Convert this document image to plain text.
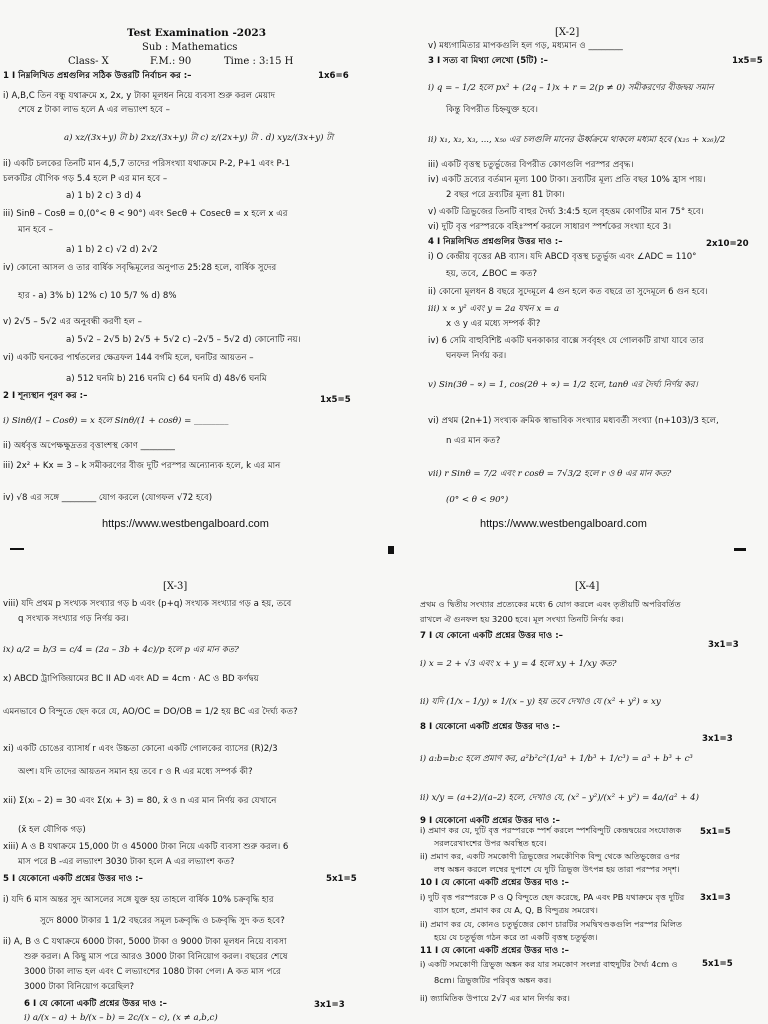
Test Examination -2023
Sub : Mathematics
Class- X	F.M.: 90	Time : 3:15 H
1 I নিম্নলিখিত প্রশ্নগুলির সঠিক উত্তরটি নির্বাচন কর :–	1x6=6
i) A,B,C তিন বন্ধু যথাক্রমে x, 2x, y টাকা মূলধন নিয়ে ব্যবসা শুরু করল মেয়াদ
শেষে z টাকা লাভ হলে A এর লভ্যাংশ হবে –
a) xz/(3x+y) টা b) 2xz/(3x+y) টা c) z/(2x+y) টা . d) xyz/(3x+y) টা
ii) একটি চলকের তিনটি মান 4,5,7 তাদের পরিসংখ্যা যথাক্রমে P-2, P+1 এবং P-1
চলকটির যৌগিক গড় 5.4 হলে P এর মান হবে –
a) 1 b) 2 c) 3 d) 4
iii) Sinθ – Cosθ = 0,(0°< θ < 90°) এবং Secθ + Cosecθ = x হলে x এর
মান হবে –
a) 1 b) 2 c) √2 d) 2√2
iv) কোনো আসল ও তার বার্ষিক সবৃদ্ধিমূলের অনুপাত 25:28 হলে, বার্ষিক সুদের
হার - a) 3% b) 12% c) 10 5/7 % d) 8%
v) 2√5 – 5√2 এর অনুবন্ধী করণী হল –
a) 5√2 – 2√5 b) 2√5 + 5√2 c) –2√5 – 5√2 d) কোনোটি নয়।
vi) একটি ঘনকের পার্শ্বতলের ক্ষেত্রফল 144 বর্গমি হলে, ঘনটির আয়তন –
a) 512 ঘনমি b) 216 ঘনমি c) 64 ঘনমি d) 48√6 ঘনমি
2 I শূন্যস্থান পূরণ কর :–	1x5=5
i) Sinθ/(1 – Cosθ) = x হলে Sinθ/(1 + cosθ) = ________
ii) অর্ধবৃত্ত অপেক্ষক্ষুদ্রতর বৃত্তাংশস্থ কোণ ________
iii) 2x² + Kx = 3 – k সমীকরণের বীজ দুটি পরস্পর অন্যোন্যক হলে, k এর মান
iv) √8 এর সঙ্গে ________ যোগ করলে (যোগফল √72 হবে)
https://www.westbengalboard.com
[X-2]
v) মধ্যগামিতার মাপকগুলি হল গড়, মধ্যমান ও ________
3 I সত্য বা মিথ্যা লেখো (5টি) :–	1x5=5
i) q = – 1/2 হলে px² + (2q – 1)x + r = 2(p ≠ 0) সমীকরণের বীজদ্বয় সমান
কিন্তু বিপরীত চিহ্নযুক্ত হবে।
ii) x₁, x₂, x₃, ..., x₅₀ এর চলগুলি মানের ঊর্ধ্বক্রমে থাকলে মধ্যমা হবে (x₂₅ + x₂₆)/2
iii) একটি বৃত্তস্থ চতুর্ভুজের বিপরীত কোণগুলি পরস্পর প্রবৃদ্ধ।
iv) একটি দ্রব্যের বর্তমান মূল্য 100 টাকা। দ্রব্যটির মূল্য প্রতি বছর 10% হ্রাস পায়।
2 বছর পরে দ্রব্যটির মূল্য 81 টাকা।
v) একটি ত্রিভুজের তিনটি বাহুর দৈর্ঘ্য 3:4:5 হলে বৃহত্তম কোণটির মান 75° হবে।
vi) দুটি বৃত্ত পরস্পরকে বহিঃস্পর্শ করলে সাধারণ স্পর্শকের সংখ্যা হবে 3।
4 I নিম্নলিখিত প্রশ্নগুলির উত্তর দাও :–	2x10=20
i) O কেন্দ্রীয় বৃত্তের AB ব্যাস। যদি ABCD বৃত্তস্থ চতুর্ভুজ এবং ∠ADC = 110°
হয়, তবে, ∠BOC = কত?
ii) কোনো মূলধন 8 বছরে সুদেমূলে 4 গুন হলে কত বছরে তা সুদেমূলে 6 গুন হবে।
iii) x ∝ y² এবং y = 2a যখন x = a
x ও y এর মধ্যে সম্পর্ক কী?
iv) 6 সেমি বাহুবিশিষ্ট একটি ঘনকাকার বাক্সে সর্ববৃহৎ যে গোলকটি রাখা যাবে তার
ঘনফল নির্ণয় কর।
v) Sin(3θ – ∝) = 1, cos(2θ + ∝) = 1/2 হলে, tanθ এর দৈর্ঘ্য নির্ণয় কর।
vi) প্রথম (2n+1) সংখ্যক ক্রমিক স্বাভাবিক সংখ্যার মধ্যবর্তী সংখ্যা (n+103)/3 হলে,
n এর মান কত?
vii) r Sinθ = 7/2 এবং r cosθ = 7√3/2 হলে r ও θ এর মান কত?
(0° < θ < 90°)
https://www.westbengalboard.com
[X-3]
viii) যদি প্রথম p সংখ্যক সংখ্যার গড় b এবং (p+q) সংখ্যক সংখ্যার গড় a হয়, তবে
q সংখ্যক সংখ্যার গড় নির্ণয় কর।
ix) a/2 = b/3 = c/4 = (2a – 3b + 4c)/p হলে p এর মান কত?
x) ABCD ট্রাপিজিয়ামের BC II AD এবং AD = 4cm · AC ও BD কর্ণদ্বয়
এমনভাবে O বিন্দুতে ছেদ করে যে, AO/OC = DO/OB = 1/2 হয় BC এর দৈর্ঘ্য কত?
xi) একটি চোঙের ব্যাসার্ধ r এবং উচ্চতা কোনো একটি গোলকের ব্যাসের (R)2/3
অংশ। যদি তাদের আয়তন সমান হয় তবে r ও R এর মধ্যে সম্পর্ক কী?
xii) Σ(xᵢ – 2) = 30 এবং Σ(xᵢ + 3) = 80, x̄ ও n এর মান নির্ণয় কর যেখানে
(x̄ হল যৌগিক গড়)
xiii) A ও B যথাক্রমে 15,000 টা ও 45000 টাকা নিয়ে একটি ব্যবসা শুরু করল। 6
মাস পরে B -এর লভ্যাংশ 3030 টাকা হলে A এর লভ্যাংশ কত?
5 I যেকোনো একটি প্রশ্নের উত্তর দাও :–	5x1=5
i) যদি 6 মাস অন্তর সুদ আসলের সঙ্গে যুক্ত হয় তাহলে বার্ষিক 10% চক্রবৃদ্ধি হার
সুদে 8000 টাকার 1 1/2 বছরের সমূল চক্রবৃদ্ধি ও চক্রবৃদ্ধি সুদ কত হবে?
ii) A, B ও C যথাক্রমে 6000 টাকা, 5000 টাকা ও 9000 টাকা মূলধন নিয়ে ব্যবসা
শুরু করল। A কিছু মাস পরে আরও 3000 টাকা বিনিয়োগ করল। বছরের শেষে
3000 টাকা লাভ হল এবং C লভ্যাংশের 1080 টাকা পেল। A কত মাস পরে
3000 টাকা বিনিয়োগ করেছিল?
6 I যে কোনো একটি প্রশ্নের উত্তর দাও :–	3x1=3
i) a/(x – a) + b/(x – b) = 2c/(x – c), (x ≠ a,b,c)
[X-4]
প্রথম ও দ্বিতীয় সংখ্যার প্রত্যেকের মধ্যে 6 যোগ করলে এবং তৃতীয়টি অপরিবর্তিত
রাখলে ঐ গুনফল হয় 3200 হবে। মূল সংখ্যা তিনটি নির্ণয় কর।
7 I যে কোনো একটি প্রশ্নের উত্তর দাও :–
3x1=3
i) x = 2 + √3 এবং x + y = 4 হলে xy + 1/xy কত?
ii) যদি (1/x – 1/y) ∝ 1/(x – y) হয় তবে দেখাও যে (x² + y²) ∝ xy
8 I যেকোনো একটি প্রশ্নের উত্তর দাও :–
3x1=3
i) a:b=b:c হলে প্রমাণ কর, a²b²c²(1/a³ + 1/b³ + 1/c³) = a³ + b³ + c³
ii) x/y = (a+2)/(a–2) হলে, দেখাও যে, (x² – y²)/(x² + y²) = 4a/(a² + 4)
9 I যেকোনো একটি প্রশ্নের উত্তর দাও :–
5x1=5
i) প্রমাণ কর যে, দুটি বৃত্ত পরস্পরকে স্পর্শ করলে স্পর্শবিন্দুটি কেন্দ্রদ্বয়ের সংযোজক
সরলরেখাংশের উপর অবস্থিত হবে।
ii) প্রমাণ কর, একটি সমকোণী ত্রিভুজের সমকৌণিক বিন্দু থেকে অতিভুজের ওপর
লম্ব অঙ্কন করলে লম্বের দুপাশে যে দুটি ত্রিভুজ উৎপন্ন হয় তারা পরস্পর সদৃশ।
10 I যে কোনো একটি প্রশ্নের উত্তর দাও :–
3x1=3
i) দুটি বৃত্ত পরস্পরকে P ও Q বিন্দুতে ছেদ করেছে, PA এবং PB যথাক্রমে বৃত্ত দুটির
ব্যাস হলে, প্রমাণ কর যে A, Q, B বিন্দুত্রয় সমরেখ।
ii) প্রমাণ কর যে, কোনও চতুর্ভুজের কোণ চারটির সমদ্বিখণ্ডকগুলি পরস্পর মিলিত
হয়ে যে চতুর্ভুজ গঠন করে তা একটি বৃত্তস্থ চতুর্ভুজ।
11 I যে কোনো একটি প্রশ্নের উত্তর দাও :–
5x1=5
i) একটি সমকোণী ত্রিভুজ অঙ্কন কর যার সমকোণ সংলগ্ন বাহুদুটির দৈর্ঘ্য 4cm ও
8cm। ত্রিভুজটির পরিবৃত্ত অঙ্কন কর।
ii) জ্যামিতিক উপায়ে 2√7 এর মান নির্ণয় কর।
